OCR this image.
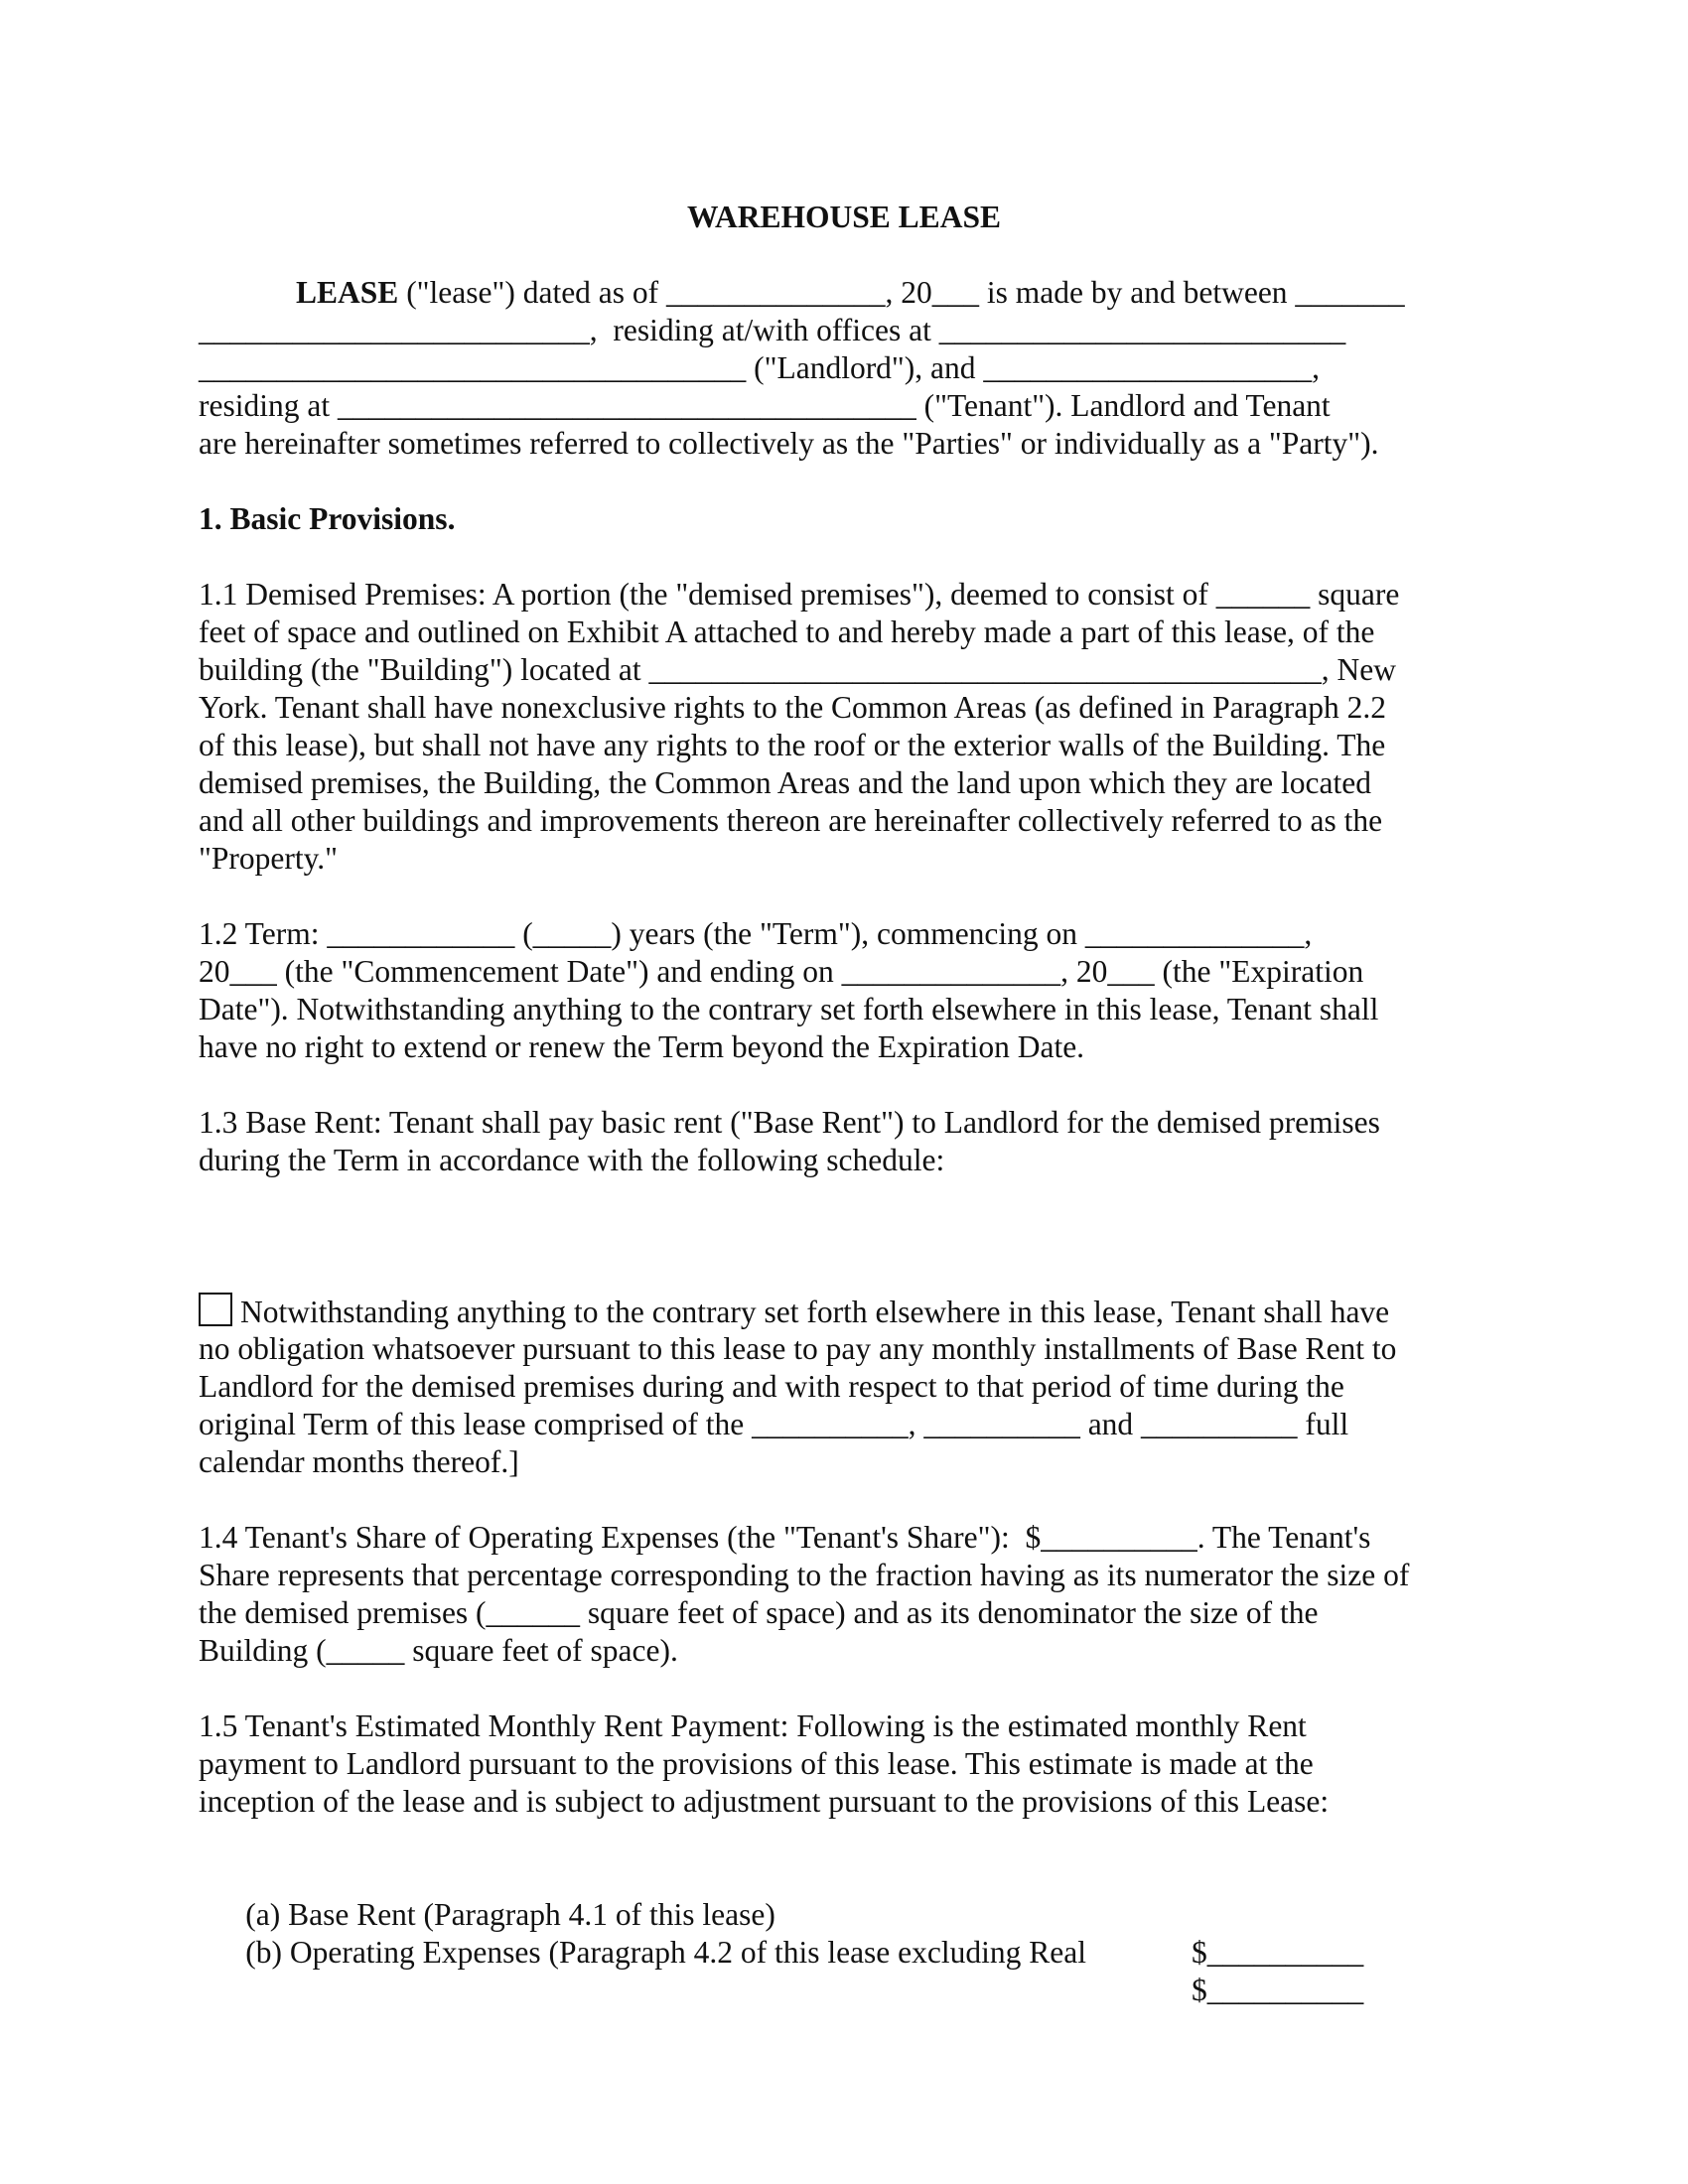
WAREHOUSE LEASE
LEASE ("lease") dated as of ______________, 20___ is made by and between _______
_________________________,  residing at/with offices at __________________________
___________________________________ ("Landlord"), and _____________________,
residing at _____________________________________ ("Tenant"). Landlord and Tenant
are hereinafter sometimes referred to collectively as the "Parties" or individually as a "Party").
1. Basic Provisions.
1.1 Demised Premises: A portion (the "demised premises"), deemed to consist of ______ square
feet of space and outlined on Exhibit A attached to and hereby made a part of this lease, of the
building (the "Building") located at ___________________________________________, New
York. Tenant shall have nonexclusive rights to the Common Areas (as defined in Paragraph 2.2
of this lease), but shall not have any rights to the roof or the exterior walls of the Building. The
demised premises, the Building, the Common Areas and the land upon which they are located
and all other buildings and improvements thereon are hereinafter collectively referred to as the
"Property."
1.2 Term: ____________ (_____) years (the "Term"), commencing on ______________,
20___ (the "Commencement Date") and ending on ______________, 20___ (the "Expiration
Date"). Notwithstanding anything to the contrary set forth elsewhere in this lease, Tenant shall
have no right to extend or renew the Term beyond the Expiration Date.
1.3 Base Rent: Tenant shall pay basic rent ("Base Rent") to Landlord for the demised premises
during the Term in accordance with the following schedule:
Notwithstanding anything to the contrary set forth elsewhere in this lease, Tenant shall have
no obligation whatsoever pursuant to this lease to pay any monthly installments of Base Rent to
Landlord for the demised premises during and with respect to that period of time during the
original Term of this lease comprised of the __________, __________ and __________ full
calendar months thereof.]
1.4 Tenant's Share of Operating Expenses (the "Tenant's Share"):  $__________. The Tenant's
Share represents that percentage corresponding to the fraction having as its numerator the size of
the demised premises (______ square feet of space) and as its denominator the size of the
Building (_____ square feet of space).
1.5 Tenant's Estimated Monthly Rent Payment: Following is the estimated monthly Rent
payment to Landlord pursuant to the provisions of this lease. This estimate is made at the
inception of the lease and is subject to adjustment pursuant to the provisions of this Lease:

(a) Base Rent (Paragraph 4.1 of this lease)

$__________

(b) Operating Expenses (Paragraph 4.2 of this lease excluding Real

$__________
